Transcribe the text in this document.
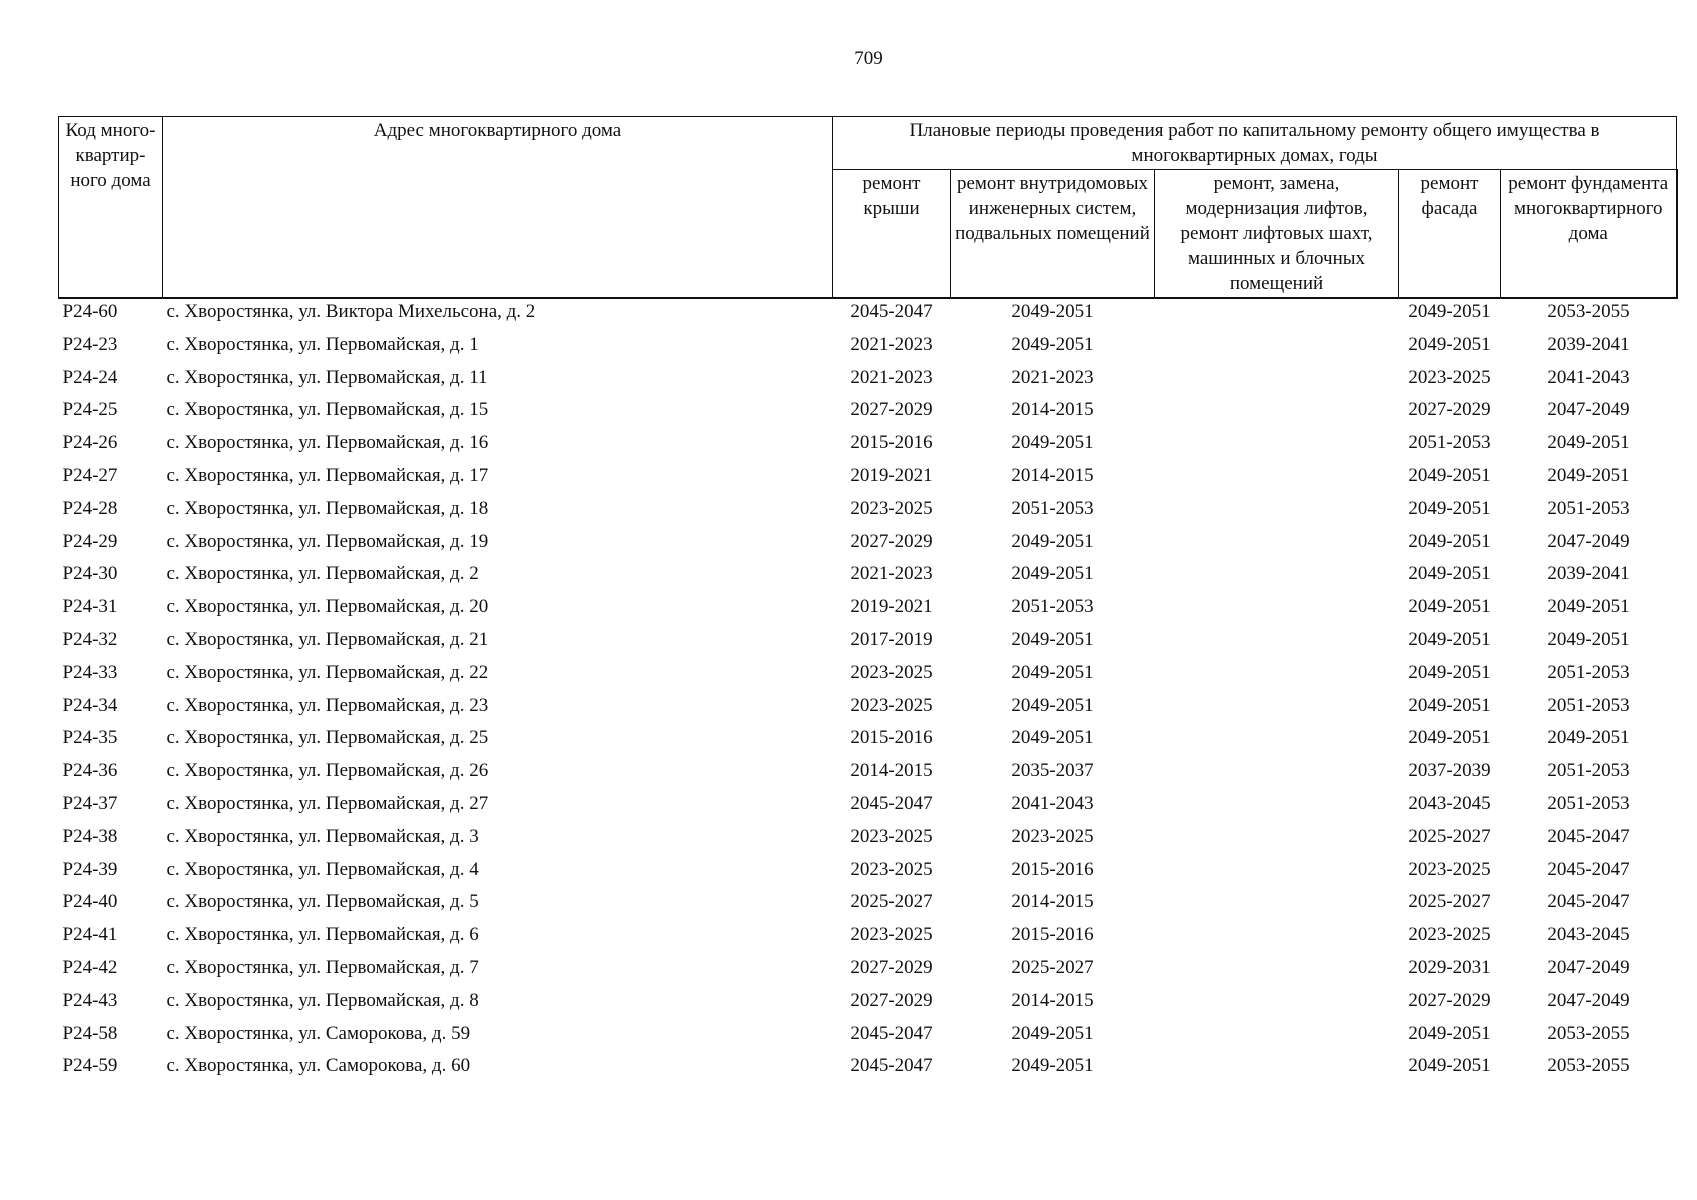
709
Код много-квартир-ного дома	Адрес многоквартирного дома	Плановые периоды проведения работ по капитальному ремонту общего имущества в многоквартирных домах, годы				
		ремонт крыши	ремонт внутридомовых инженерных систем, подвальных помещений	ремонт, замена, модернизация лифтов, ремонт лифтовых шахт, машинных и блочных помещений	ремонт фасада	ремонт фундамента многоквартирного дома
Р24-60	с. Хворостянка, ул. Виктора Михельсона, д. 2	2045-2047	2049-2051		2049-2051	2053-2055
Р24-23	с. Хворостянка, ул. Первомайская, д. 1	2021-2023	2049-2051		2049-2051	2039-2041
Р24-24	с. Хворостянка, ул. Первомайская, д. 11	2021-2023	2021-2023		2023-2025	2041-2043
Р24-25	с. Хворостянка, ул. Первомайская, д. 15	2027-2029	2014-2015		2027-2029	2047-2049
Р24-26	с. Хворостянка, ул. Первомайская, д. 16	2015-2016	2049-2051		2051-2053	2049-2051
Р24-27	с. Хворостянка, ул. Первомайская, д. 17	2019-2021	2014-2015		2049-2051	2049-2051
Р24-28	с. Хворостянка, ул. Первомайская, д. 18	2023-2025	2051-2053		2049-2051	2051-2053
Р24-29	с. Хворостянка, ул. Первомайская, д. 19	2027-2029	2049-2051		2049-2051	2047-2049
Р24-30	с. Хворостянка, ул. Первомайская, д. 2	2021-2023	2049-2051		2049-2051	2039-2041
Р24-31	с. Хворостянка, ул. Первомайская, д. 20	2019-2021	2051-2053		2049-2051	2049-2051
Р24-32	с. Хворостянка, ул. Первомайская, д. 21	2017-2019	2049-2051		2049-2051	2049-2051
Р24-33	с. Хворостянка, ул. Первомайская, д. 22	2023-2025	2049-2051		2049-2051	2051-2053
Р24-34	с. Хворостянка, ул. Первомайская, д. 23	2023-2025	2049-2051		2049-2051	2051-2053
Р24-35	с. Хворостянка, ул. Первомайская, д. 25	2015-2016	2049-2051		2049-2051	2049-2051
Р24-36	с. Хворостянка, ул. Первомайская, д. 26	2014-2015	2035-2037		2037-2039	2051-2053
Р24-37	с. Хворостянка, ул. Первомайская, д. 27	2045-2047	2041-2043		2043-2045	2051-2053
Р24-38	с. Хворостянка, ул. Первомайская, д. 3	2023-2025	2023-2025		2025-2027	2045-2047
Р24-39	с. Хворостянка, ул. Первомайская, д. 4	2023-2025	2015-2016		2023-2025	2045-2047
Р24-40	с. Хворостянка, ул. Первомайская, д. 5	2025-2027	2014-2015		2025-2027	2045-2047
Р24-41	с. Хворостянка, ул. Первомайская, д. 6	2023-2025	2015-2016		2023-2025	2043-2045
Р24-42	с. Хворостянка, ул. Первомайская, д. 7	2027-2029	2025-2027		2029-2031	2047-2049
Р24-43	с. Хворостянка, ул. Первомайская, д. 8	2027-2029	2014-2015		2027-2029	2047-2049
Р24-58	с. Хворостянка, ул. Саморокова, д. 59	2045-2047	2049-2051		2049-2051	2053-2055
Р24-59	с. Хворостянка, ул. Саморокова, д. 60	2045-2047	2049-2051		2049-2051	2053-2055
